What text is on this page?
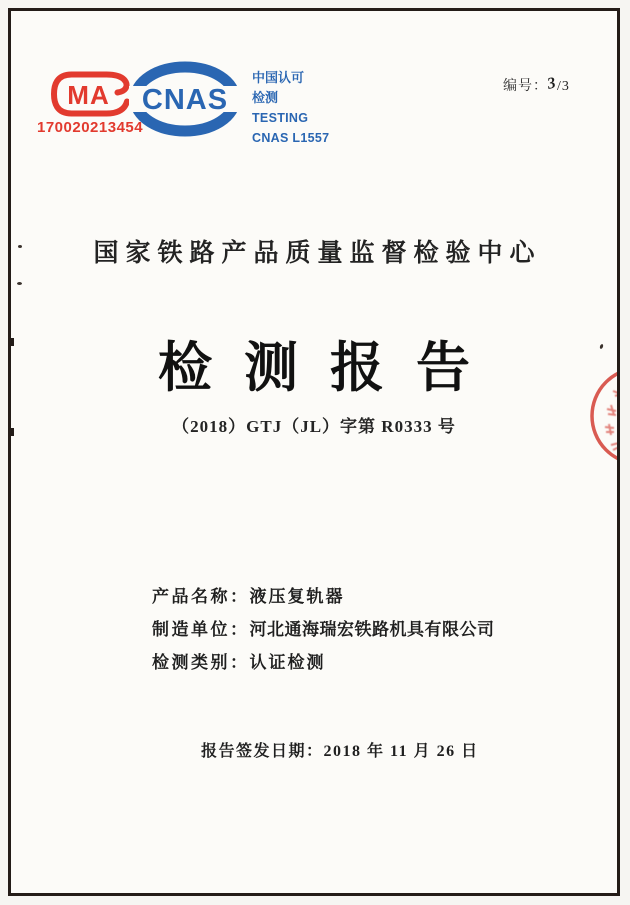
MA
170020213454
CNAS
中国认可
检测
TESTING
CNAS L1557
编号：3/3
国家铁路产品质量监督检验中心
检测报告
（2018）GTJ（JL）字第 R0333 号
产品名称：液压复轨器
制造单位：河北通海瑞宏铁路机具有限公司
检测类别：认证检测
报告签发日期：2018 年 11 月 26 日
